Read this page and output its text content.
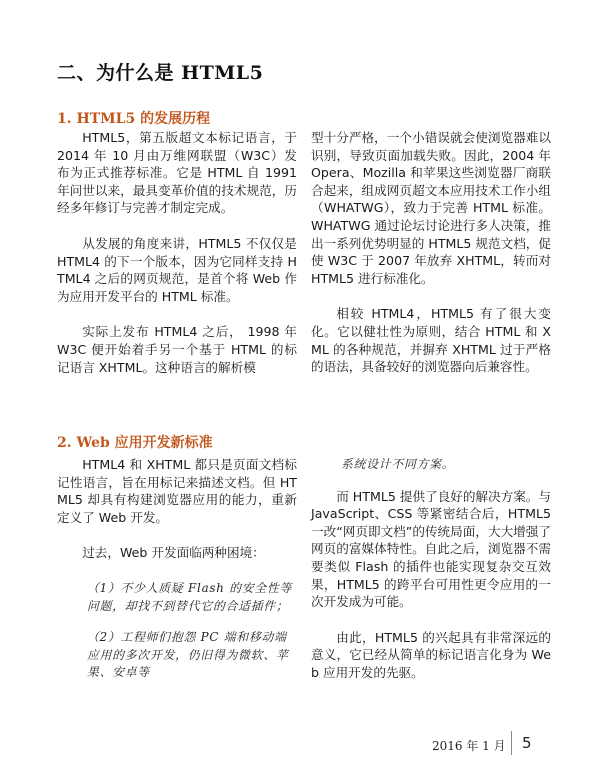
二、为什么是 HTML5
1. HTML5 的发展历程

HTML5，第五版超文本标记语言，于 2014 年 10 月由万维网联盟（W3C）发布为正式推荐标准。它是 HTML 自 1991 年问世以来，最具变革价值的技术规范，历经多年修订与完善才制定完成。

从发展的角度来讲，HTML5 不仅仅是 HTML4 的下一个版本，因为它同样支持 HTML4 之后的网页规范，是首个将 Web 作为应用开发平台的 HTML 标准。

实际上发布 HTML4 之后， 1998 年 W3C 便开始着手另一个基于 HTML 的标记语言 XHTML。这种语言的解析模

型十分严格，一个小错误就会使浏览器难以识别，导致页面加载失败。因此，2004 年 Opera、Mozilla 和苹果这些浏览器厂商联合起来，组成网页超文本应用技术工作小组（WHATWG），致力于完善 HTML 标准。WHATWG 通过论坛讨论进行多人决策，推出一系列优势明显的 HTML5 规范文档，促使 W3C 于 2007 年放弃 XHTML，转而对 HTML5 进行标准化。

相较 HTML4，HTML5 有了很大变化。它以健壮性为原则，结合 HTML 和 XML 的各种规范，并摒弃 XHTML 过于严格的语法，具备较好的浏览器向后兼容性。

2. Web 应用开发新标准

HTML4 和 XHTML 都只是页面文档标记性语言，旨在用标记来描述文档。但 HTML5 却具有构建浏览器应用的能力，重新定义了 Web 开发。

过去，Web 开发面临两种困境：

（1）不少人质疑 Flash 的安全性等问题，却找不到替代它的合适插件；
（2）工程师们抱怨 PC 端和移动端应用的多次开发，仍旧得为微软、苹果、安卓等
系统设计不同方案。

而 HTML5 提供了良好的解决方案。与 JavaScript、CSS 等紧密结合后，HTML5 一改“网页即文档”的传统局面，大大增强了网页的富媒体特性。自此之后，浏览器不需要类似 Flash 的插件也能实现复杂交互效果，HTML5 的跨平台可用性更令应用的一次开发成为可能。

由此，HTML5 的兴起具有非常深远的意义，它已经从简单的标记语言化身为 Web 应用开发的先驱。

2016 年 1 月 5
